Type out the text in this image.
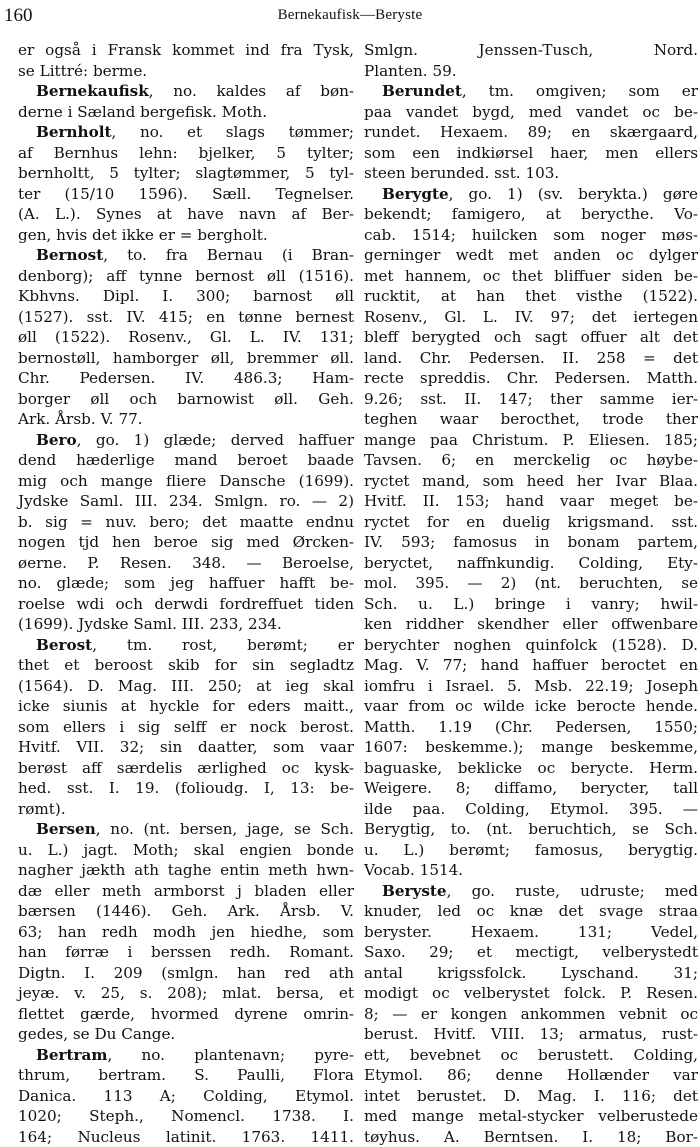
160	Bernekaufisk—Beryste
er også i Fransk kommet ind fra Tysk,
se Littré: berme.
Bernekaufisk, no. kaldes af bøn-
derne i Sæland bergefisk. Moth.
Bernholt, no. et slags tømmer;
af Bernhus lehn: bjelker, 5 tylter;
bernholtt, 5 tylter; slagtømmer, 5 tyl-
ter (15/10 1596). Sæll. Tegnelser.
(A. L.). Synes at have navn af Ber-
gen, hvis det ikke er = bergholt.
Bernost, to. fra Bernau (i Bran-
denborg); aff tynne bernost øll (1516).
Kbhvns. Dipl. I. 300; barnost øll
(1527). sst. IV. 415; en tønne bernest
øll (1522). Rosenv., Gl. L. IV. 131;
bernostøll, hamborger øll, bremmer øll.
Chr. Pedersen. IV. 486.3; Ham-
borger øll och barnowist øll. Geh.
Ark. Årsb. V. 77.
Bero, go. 1) glæde; derved haffuer
dend hæderlige mand beroet baade
mig och mange fliere Dansche (1699).
Jydske Saml. III. 234. Smlgn. ro. — 2)
b. sig = nuv. bero; det maatte endnu
nogen tjd hen beroe sig med Ørcken-
øerne. P. Resen. 348. — Beroelse,
no. glæde; som jeg haffuer hafft be-
roelse wdi och derwdi fordreffuet tiden
(1699). Jydske Saml. III. 233, 234.
Berost, tm. rost, berømt; er
thet et beroost skib for sin segladtz
(1564). D. Mag. III. 250; at ieg skal
icke siunis at hyckle for eders maitt.,
som ellers i sig selff er nock berost.
Hvitf. VII. 32; sin daatter, som vaar
berøst aff særdelis ærlighed oc kysk-
hed. sst. I. 19. (folioudg. I, 13: be-
rømt).
Bersen, no. (nt. bersen, jage, se Sch.
u. L.) jagt. Moth; skal engien bonde
nagher jækth ath taghe entin meth hwn-
dæ eller meth armborst j bladen eller
bærsen (1446). Geh. Ark. Årsb. V.
63; han redh modh jen hiedhe, som
han førræ i berssen redh. Romant.
Digtn. I. 209 (smlgn. han red ath
jeyæ. v. 25, s. 208); mlat. bersa, et
flettet gærde, hvormed dyrene omrin-
gedes, se Du Cange.
Bertram, no. plantenavn; pyre-
thrum, bertram. S. Paulli, Flora
Danica. 113 A; Colding, Etymol.
1020; Steph., Nomencl. 1738. I.
164; Nucleus latinit. 1763. 1411.
Smlgn. Jenssen-Tusch, Nord.
Planten. 59.
Berundet, tm. omgiven; som er
paa vandet bygd, med vandet oc be-
rundet. Hexaem. 89; en skærgaard,
som een indkiørsel haer, men ellers
steen berunded. sst. 103.
Berygte, go. 1) (sv. berykta.) gøre
bekendt; famigero, at berycthe. Vo-
cab. 1514; huilcken som noger møs-
gerninger wedt met anden oc dylger
met hannem, oc thet bliffuer siden be-
rucktit, at han thet visthe (1522).
Rosenv., Gl. L. IV. 97; det iertegen
bleff berygted och sagt offuer alt det
land. Chr. Pedersen. II. 258 = det
recte spreddis. Chr. Pedersen. Matth.
9.26; sst. II. 147; ther samme ier-
teghen waar berocthet, trode ther
mange paa Christum. P. Eliesen. 185;
Tavsen. 6; en merckelig oc høybe-
ryctet mand, som heed her Ivar Blaa.
Hvitf. II. 153; hand vaar meget be-
ryctet for en duelig krigsmand. sst.
IV. 593; famosus in bonam partem,
beryctet, naffnkundig. Colding, Ety-
mol. 395. — 2) (nt. beruchten, se
Sch. u. L.) bringe i vanry; hwil-
ken riddher skendher eller offwenbare
berychter noghen quinfolck (1528). D.
Mag. V. 77; hand haffuer beroctet en
iomfru i Israel. 5. Msb. 22.19; Joseph
vaar from oc wilde icke berocte hende.
Matth. 1.19 (Chr. Pedersen, 1550;
1607: beskemme.); mange beskemme,
baguaske, beklicke oc berycte. Herm.
Weigere. 8; diffamo, berycter, tall
ilde paa. Colding, Etymol. 395. —
Berygtig, to. (nt. beruchtich, se Sch.
u. L.) berømt; famosus, berygtig.
Vocab. 1514.
Beryste, go. ruste, udruste; med
knuder, led oc knæ det svage straa
beryster. Hexaem. 131; Vedel,
Saxo. 29; et mectigt, velberystedt
antal krigssfolck. Lyschand. 31;
modigt oc velberystet folck. P. Resen.
8; — er kongen ankommen vebnit oc
berust. Hvitf. VIII. 13; armatus, rust-
ett, bevebnet oc berustett. Colding,
Etymol. 86; denne Hollænder var
intet berustet. D. Mag. I. 116; det
med mange metal-stycker velberustede
tøyhus. A. Berntsen. I. 18; Bor-
